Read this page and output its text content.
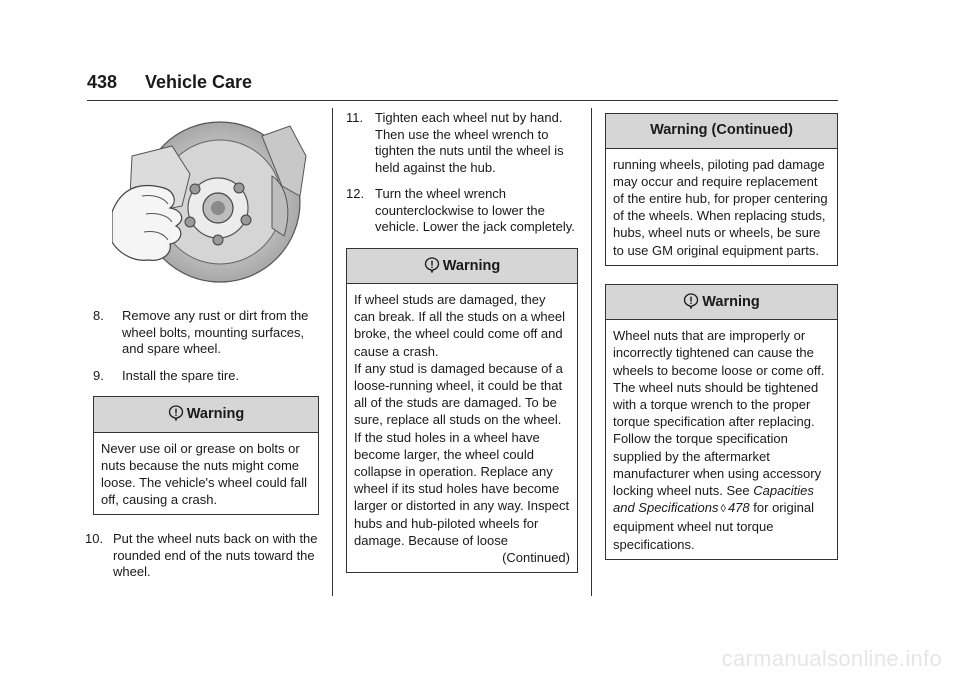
438 Vehicle Care
8. Remove any rust or dirt from the wheel bolts, mounting surfaces, and spare wheel.
9. Install the spare tire.
Warning
Never use oil or grease on bolts or nuts because the nuts might come loose. The vehicle's wheel could fall off, causing a crash.
10. Put the wheel nuts back on with the rounded end of the nuts toward the wheel.
11. Tighten each wheel nut by hand. Then use the wheel wrench to tighten the nuts until the wheel is held against the hub.
12. Turn the wheel wrench counterclockwise to lower the vehicle. Lower the jack completely.
Warning
If wheel studs are damaged, they can break. If all the studs on a wheel broke, the wheel could come off and cause a crash.
If any stud is damaged because of a loose-running wheel, it could be that all of the studs are damaged. To be sure, replace all studs on the wheel. If the stud holes in a wheel have become larger, the wheel could collapse in operation. Replace any wheel if its stud holes have become larger or distorted in any way. Inspect hubs and hub-piloted wheels for damage. Because of loose
(Continued)
Warning (Continued)
running wheels, piloting pad damage may occur and require replacement of the entire hub, for proper centering of the wheels. When replacing studs, hubs, wheel nuts or wheels, be sure to use GM original equipment parts.
Warning
Wheel nuts that are improperly or incorrectly tightened can cause the wheels to become loose or come off. The wheel nuts should be tightened with a torque wrench to the proper torque specification after replacing. Follow the torque specification supplied by the aftermarket manufacturer when using accessory locking wheel nuts. See Capacities and Specifications ◊ 478 for original equipment wheel nut torque specifications.
carmanualsonline.info
